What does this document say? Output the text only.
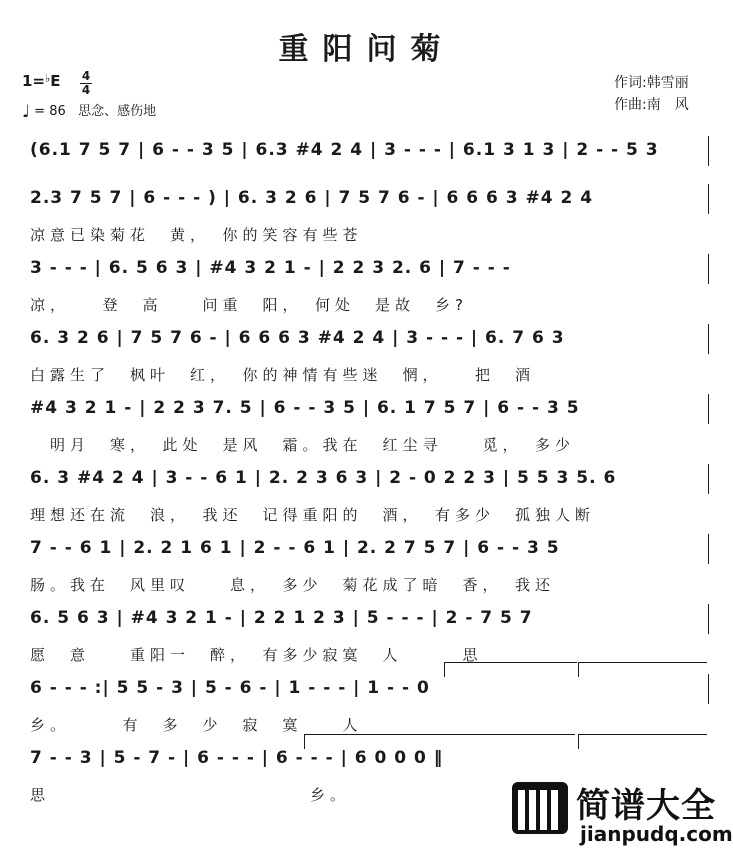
重阳问菊
1=♭E 4
4
♩ = 86 思念、感伤地
作词:韩雪丽
作曲:南　风
(6.1 7 5 7 | 6 - - 3 5 | 6.3 #4 2 4 | 3 - - - | 6.1 3 1 3 | 2 - - 5 3
2.3 7 5 7 | 6 - - - ) | 6. 3 2 6 | 7 5 7 6 - | 6 6 6 3 #4 2 4
凉意已染菊花　黄，　你的笑容有些苍
3 - - - | 6. 5 6 3 | #4 3 2 1 - | 2 2 3 2. 6 | 7 - - -
凉，　　登　高　　问重　阳，　何处　是故　乡?
6. 3 2 6 | 7 5 7 6 - | 6 6 6 3 #4 2 4 | 3 - - - | 6. 7 6 3
白露生了　枫叶　红，　你的神情有些迷　惘，　　把　酒
#4 3 2 1 - | 2 2 3 7. 5 | 6 - - 3 5 | 6. 1 7 5 7 | 6 - - 3 5
　明月　寒，　此处　是风　霜。我在　红尘寻　　觅，　多少
6. 3 #4 2 4 | 3 - - 6 1 | 2. 2 3 6 3 | 2 - 0 2 2 3 | 5 5 3 5. 6
理想还在流　浪，　我还　记得重阳的　酒，　有多少　孤独人断
7 - - 6 1 | 2. 2 1 6 1 | 2 - - 6 1 | 2. 2 7 5 7 | 6 - - 3 5
肠。我在　风里叹　　息，　多少　菊花成了暗　香，　我还
6. 5 6 3 | #4 3 2 1 - | 2 2 1 2 3 | 5 - - - | 2 - 7 5 7
愿　意　　重阳一　醉，　有多少寂寞　人　　　思
6 - - - :| 5 5 - 3 | 5 - 6 - | 1 - - - | 1 - - 0
乡。　　　有　多　少　寂　寞　　人
7 - - 3 | 5 - 7 - | 6 - - - | 6 - - - | 6 0 0 0 ‖
思　　　　　　　　　　　　　乡。	简谱大全
jianpudq.com
